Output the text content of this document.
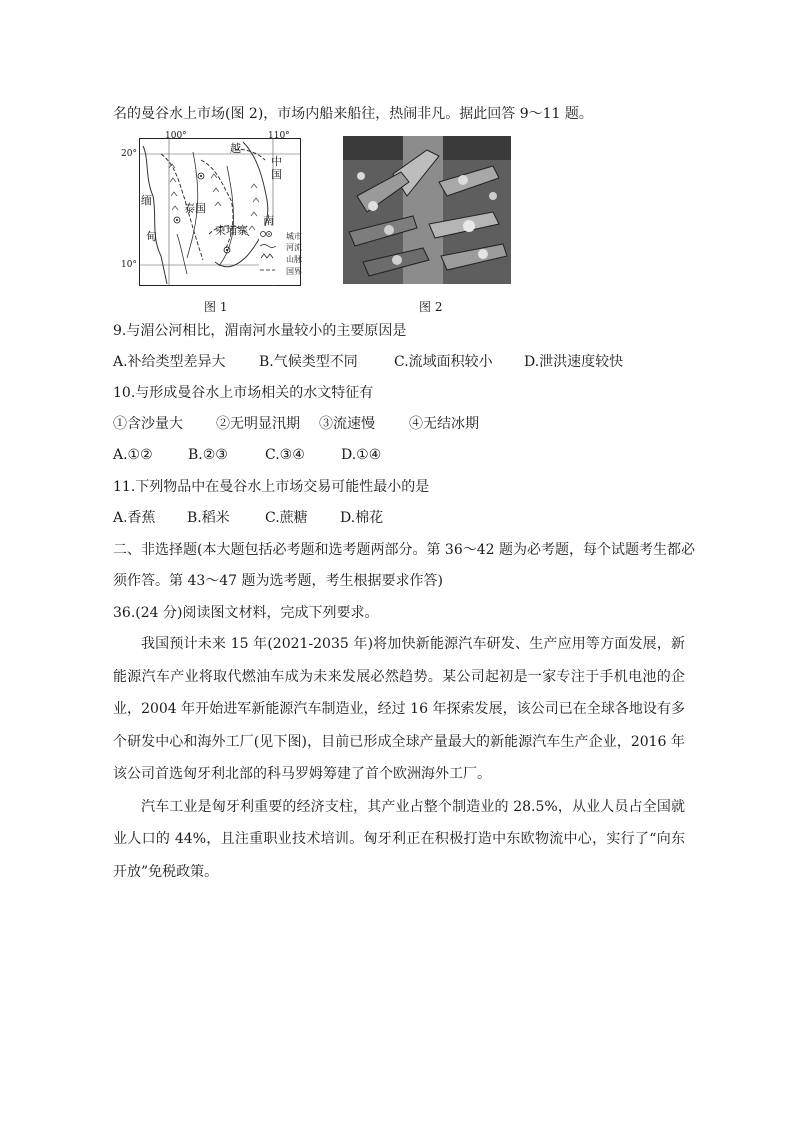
名的曼谷水上市场(图 2)，市场内船来船往，热闹非凡。据此回答 9～11 题。
100°	110°
20°
10°
越
中
国
缅
甸
泰国
柬埔寨
南
城市
河流
山脉
国界
图 1	图 2
9.与湄公河相比，湄南河水量较小的主要原因是
A.补给类型差异大 B.气候类型不同	C.流域面积较小 D.泄洪速度较快
10.与形成曼谷水上市场相关的水文特征有
①含沙量大 ②无明显汛期 ③流速慢 ④无结冰期
A.①②	B.②③	C.③④	D.①④
11.下列物品中在曼谷水上市场交易可能性最小的是
A.香蕉 B.稻米	C.蔗糖 D.棉花
二、非选择题(本大题包括必考题和选考题两部分。第 36～42 题为必考题，每个试题考生都必
须作答。第 43～47 题为选考题，考生根据要求作答)
36.(24 分)阅读图文材料，完成下列要求。

我国预计未来 15 年(2021-2035 年)将加快新能源汽车研发、生产应用等方面发展，新能源汽车产业将取代燃油车成为未来发展必然趋势。某公司起初是一家专注于手机电池的企业，2004 年开始进军新能源汽车制造业，经过 16 年探索发展，该公司已在全球各地设有多个研发中心和海外工厂(见下图)，目前已形成全球产量最大的新能源汽车生产企业，2016 年该公司首选匈牙利北部的科马罗姆筹建了首个欧洲海外工厂。

汽车工业是匈牙利重要的经济支柱，其产业占整个制造业的 28.5%，从业人员占全国就业人口的 44%，且注重职业技术培训。匈牙利正在积极打造中东欧物流中心，实行了“向东开放”免税政策。
